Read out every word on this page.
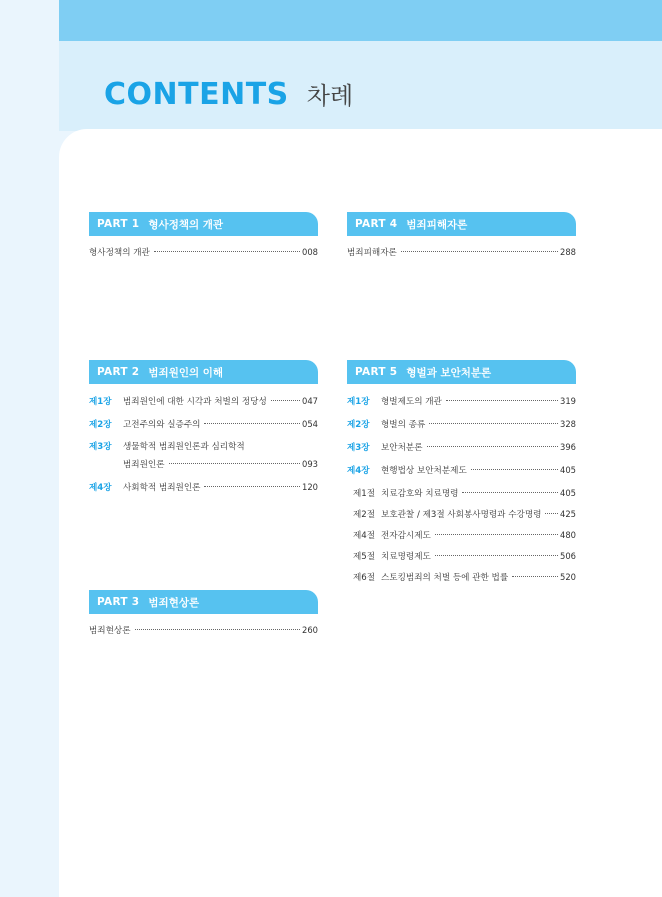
CONTENTS 차례
PART 1 형사정책의 개관
형사정책의 개관	008
PART 2 범죄원인의 이해
제1장	범죄원인에 대한 시각과 처벌의 정당성	047
제2장	고전주의와 실증주의	054
제3장	생물학적 범죄원인론과 심리학적
범죄원인론	093
제4장	사회학적 범죄원인론	120
PART 3 범죄현상론
범죄현상론	260
PART 4 범죄피해자론
범죄피해자론	288
PART 5 형벌과 보안처분론
제1장	형벌제도의 개관	319
제2장	형벌의 종류	328
제3장	보안처분론	396
제4장	현행법상 보안처분제도	405
제1절 치료감호와 치료명령	405
제2절 보호관찰 / 제3절 사회봉사명령과 수강명령 425
제4절 전자감시제도	480
제5절 치료명령제도	506
제6절 스토킹범죄의 처벌 등에 관한 법률	520
